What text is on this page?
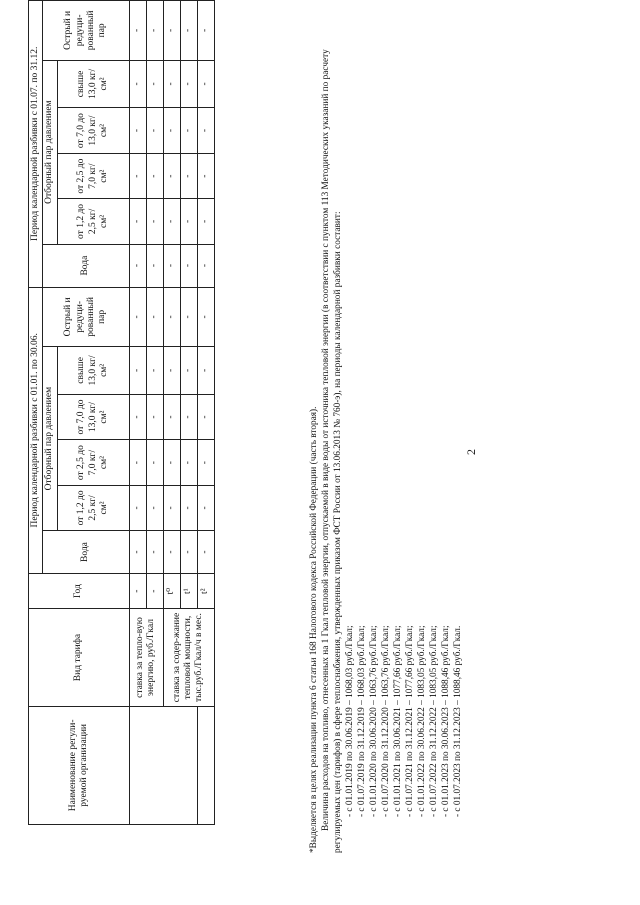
2
Наименование регули-руемой организации	Вид тарифа	Год	Период календарной разбивки с 01.01. по 30.06.						Период календарной разбивки с 01.07. по 31.12.					
			Вода	Отборный пар давлением				Острый и редуци-рованный пар	Вода	Отборный пар давлением				Острый и редуци-рованный пар
				от 1,2 до 2,5 кг/см²	от 2,5 до 7,0 кг/см²	от 7,0 до 13,0 кг/см²	свыше 13,0 кг/см²			от 1,2 до 2,5 кг/см²	от 2,5 до 7,0 кг/см²	от 7,0 до 13,0 кг/см²	свыше 13,0 кг/см²	
	ставка за тепло-вую энергию, руб./Гкал	-	-	-	-	-	-	-	-	-	-	-	-	-
		-	-	-	-	-	-	-	-	-	-	-	-	-
	ставка за содер-жание тепловой мощности, тыс.руб./Гкал/ч в мес.	t⁰	-	-	-	-	-	-	-	-	-	-	-	-
		t¹	-	-	-	-	-	-	-	-	-	-	-	-
		t²	-	-	-	-	-	-	-	-	-	-	-	-

*Выделяется в целях реализации пункта 6 статьи 168 Налогового кодекса Российской Федерации (часть вторая). Величина расходов на топливо, отнесенных на 1 Гкал тепловой энергии, отпускаемой в виде воды от источника тепловой энергии (в соответствии с пунктом 113 Методических указаний по расчету регулируемых цен (тарифов) в сфере теплоснабжения, утвержденных приказом ФСТ России от 13.06.2013 № 760-э), на периоды календарной разбивки составит: - с 01.01.2019 по 30.06.2019 – 1068,03 руб./Гкал; - с 01.07.2019 по 31.12.2019 – 1068,03 руб./Гкал; - с 01.01.2020 по 30.06.2020 – 1063,76 руб./Гкал; - с 01.07.2020 по 31.12.2020 – 1063,76 руб./Гкал; - с 01.01.2021 по 30.06.2021 – 1077,66 руб./Гкал; - с 01.07.2021 по 31.12.2021 – 1077,66 руб./Гкал; - с 01.01.2022 по 30.06.2022 – 1083,05 руб./Гкал; - с 01.07.2022 по 31.12.2022 – 1083,05 руб./Гкал; - с 01.01.2023 по 30.06.2023 – 1088,46 руб./Гкал; - с 01.07.2023 по 31.12.2023 – 1088,46 руб./Гкал.
